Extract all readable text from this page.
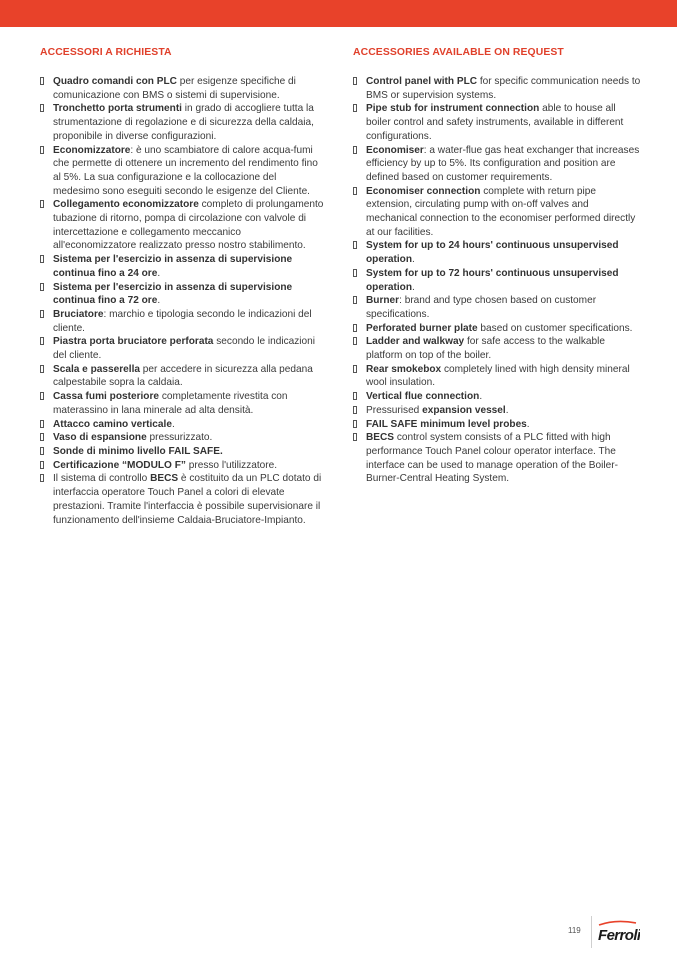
ACCESSORI A RICHIESTA
Quadro comandi con PLC per esigenze specifiche di comunicazione con BMS o sistemi di supervisione.
Tronchetto porta strumenti in grado di accogliere tutta la strumentazione di regolazione e di sicurezza della caldaia, proponibile in diverse configurazioni.
Economizzatore: è uno scambiatore di calore acqua-fumi che permette di ottenere un incremento del rendimento fino al 5%. La sua configurazione e la collocazione del medesimo sono eseguiti secondo le esigenze del Cliente.
Collegamento economizzatore completo di prolungamento tubazione di ritorno, pompa di circolazione con valvole di intercettazione e collegamento meccanico all'economizzatore realizzato presso nostro stabilimento.
Sistema per l'esercizio in assenza di supervisione continua fino a 24 ore.
Sistema per l'esercizio in assenza di supervisione continua fino a 72 ore.
Bruciatore: marchio e tipologia secondo le indicazioni del cliente.
Piastra porta bruciatore perforata secondo le indicazioni del cliente.
Scala e passerella per accedere in sicurezza alla pedana calpestabile sopra la caldaia.
Cassa fumi posteriore completamente rivestita con materassino in lana minerale ad alta densità.
Attacco camino verticale.
Vaso di espansione pressurizzato.
Sonde di minimo livello FAIL SAFE.
Certificazione “MODULO F” presso l'utilizzatore.
Il sistema di controllo BECS è costituito da un PLC dotato di interfaccia operatore Touch Panel a colori di elevate prestazioni. Tramite l'interfaccia è possibile supervisionare il funzionamento dell'insieme Caldaia-Bruciatore-Impianto.
ACCESSORIES AVAILABLE ON REQUEST
Control panel with PLC for specific communication needs to BMS or supervision systems.
Pipe stub for instrument connection able to house all boiler control and safety instruments, available in different configurations.
Economiser: a water-flue gas heat exchanger that increases efficiency by up to 5%. Its configuration and position are defined based on customer requirements.
Economiser connection complete with return pipe extension, circulating pump with on-off valves and mechanical connection to the economiser performed directly at our facilities.
System for up to 24 hours' continuous unsupervised operation.
System for up to 72 hours' continuous unsupervised operation.
Burner: brand and type chosen based on customer specifications.
Perforated burner plate based on customer specifications.
Ladder and walkway for safe access to the walkable platform on top of the boiler.
Rear smokebox completely lined with high density mineral wool insulation.
Vertical flue connection.
Pressurised expansion vessel.
FAIL SAFE minimum level probes.
BECS control system consists of a PLC fitted with high performance Touch Panel colour operator interface. The interface can be used to manage operation of the Boiler-Burner-Central Heating System.
119 Ferroli
